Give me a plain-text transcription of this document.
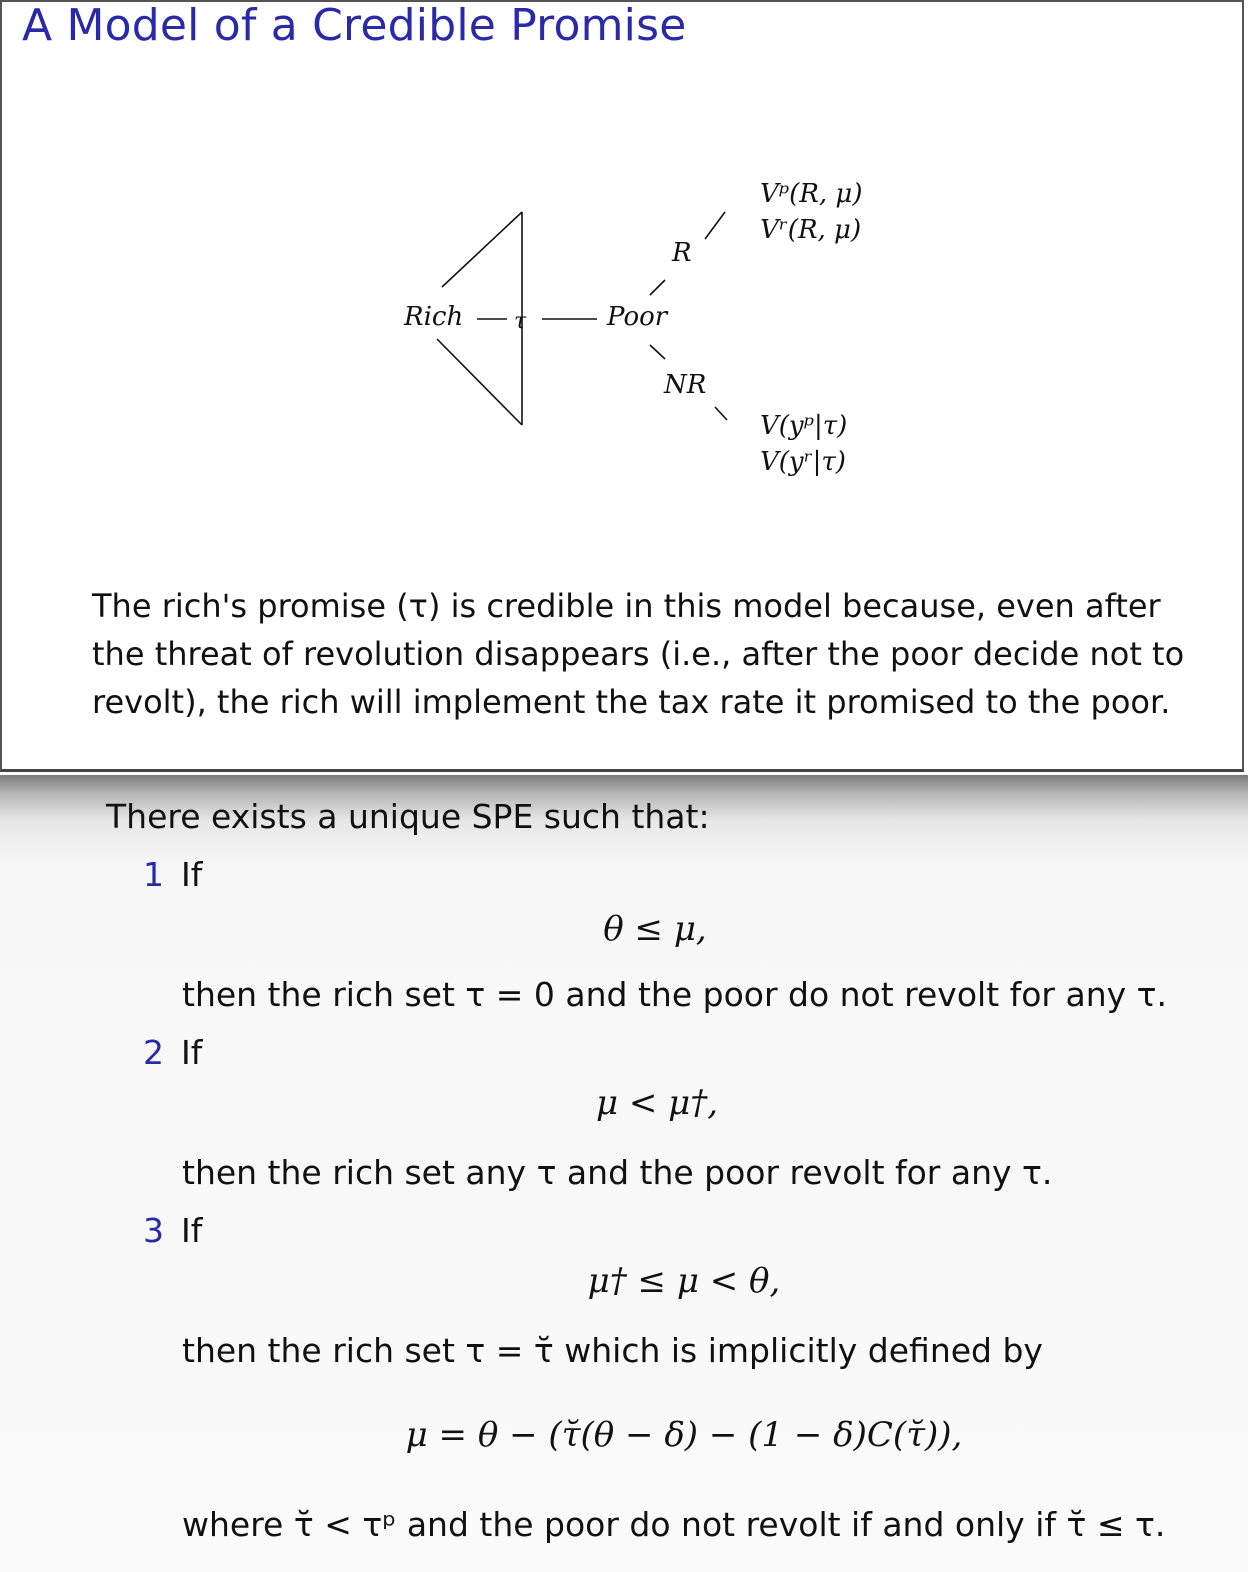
A Model of a Credible Promise
Rich τ	Poor
R
NR
Vᵖ(R, μ)
Vʳ(R, μ)
V(yᵖ|τ)
V(yʳ|τ)
The rich's promise (τ) is credible in this model because, even after the threat of revolution disappears (i.e., after the poor decide not to revolt), the rich will implement the tax rate it promised to the poor.
There exists a unique SPE such that:
1 If
θ ≤ μ,
then the rich set τ = 0 and the poor do not revolt for any τ.
2 If
μ < μ†,
then the rich set any τ and the poor revolt for any τ.
3 If
μ† ≤ μ < θ,
then the rich set τ = τ̆ which is implicitly defined by
μ = θ − (τ̆(θ − δ) − (1 − δ)C(τ̆)),
where τ̆ < τᵖ and the poor do not revolt if and only if τ̆ ≤ τ.
